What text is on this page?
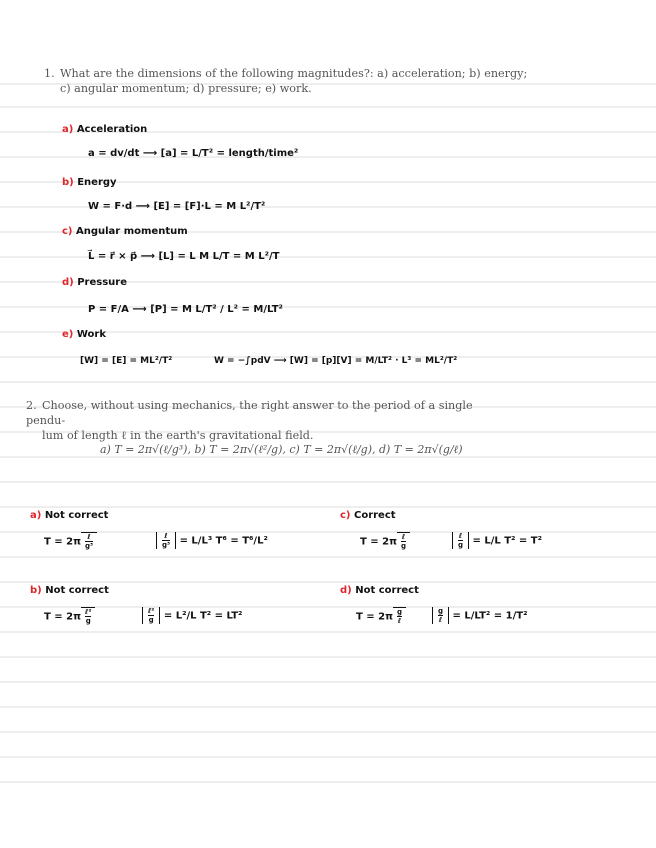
1. What are the dimensions of the following magnitudes?: a) acceleration; b) energy;
c) angular momentum; d) pressure; e) work.
a) Acceleration
a = dv/dt ⟶ [a] = L/T² = length/time²
b) Energy
W = F·d ⟶ [E] = [F]·L = M L²/T²
c) Angular momentum
L⃗ = r⃗ × p⃗ ⟶ [L] = L M L/T = M L²/T
d) Pressure
P = F/A ⟶ [P] = M L/T² / L² = M/LT²
e) Work
[W] = [E] = ML²/T²	W = −∫pdV ⟶ [W] = [p][V] = M/LT² · L³ = ML²/T²
2. Choose, without using mechanics, the right answer to the period of a single pendu-
lum of length ℓ in the earth's gravitational field.
a) T = 2π√(ℓ/g³), b) T = 2π√(ℓ²/g), c) T = 2π√(ℓ/g), d) T = 2π√(g/ℓ)
a) Not correct
$T = 2\pi \frac{\text{ℓ}}{\text{g³}}$	$\frac{\text{ℓ}}{\text{g³}} = L/L^3$ T⁶ = T⁶/L²
c) Correct
$T = 2\pi \frac{\text{ℓ}}{g}$	$\frac{\text{ℓ}}{g} = L/L$ T² = T²
b) Not correct
$T = 2\pi \frac{\text{ℓ²}}{g}$	$\frac{\text{ℓ²}}{g} = L^2/L$ T² = LT²
d) Not correct
$T = 2\pi \frac{g}{\text{ℓ}}$	$\frac{g}{\text{ℓ}} = L/LT^2 = 1/T^2$
